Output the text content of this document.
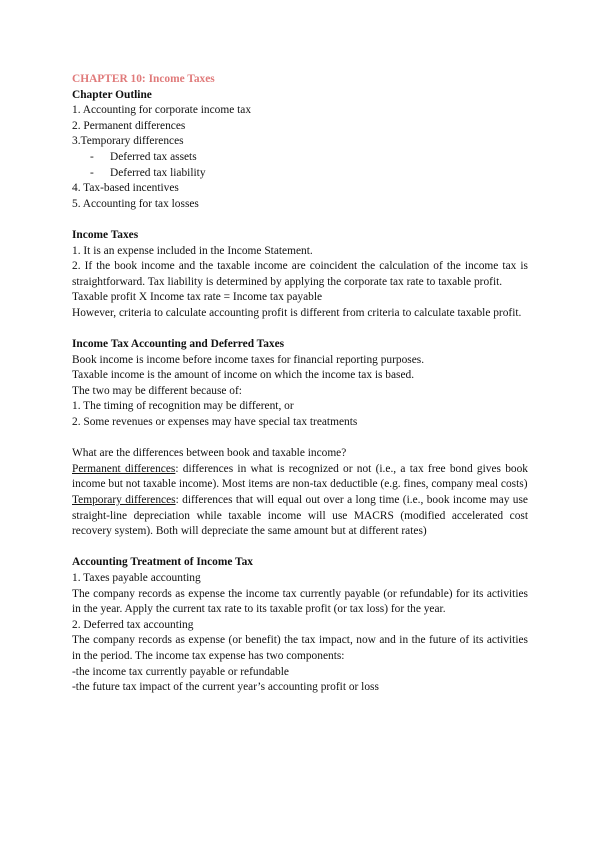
CHAPTER 10: Income Taxes
Chapter Outline
1. Accounting for corporate income tax
2. Permanent differences
3.Temporary differences
- Deferred tax assets
- Deferred tax liability
4. Tax-based incentives
5. Accounting for tax losses
Income Taxes
1. It is an expense included in the Income Statement.
2. If the book income and the taxable income are coincident the calculation of the income tax is straightforward. Tax liability is determined by applying the corporate tax rate to taxable profit.
Taxable profit X Income tax rate = Income tax payable
However, criteria to calculate accounting profit is different from criteria to calculate taxable profit.
Income Tax Accounting and Deferred Taxes
Book income is income before income taxes for financial reporting purposes.
Taxable income is the amount of income on which the income tax is based.
The two may be different because of:
1. The timing of recognition may be different, or
2. Some revenues or expenses may have special tax treatments
What are the differences between book and taxable income?
Permanent differences: differences in what is recognized or not (i.e., a tax free bond gives book income but not taxable income). Most items are non-tax deductible (e.g. fines, company meal costs)
Temporary differences: differences that will equal out over a long time (i.e., book income may use straight-line depreciation while taxable income will use MACRS (modified accelerated cost recovery system). Both will depreciate the same amount but at different rates)
Accounting Treatment of Income Tax
1. Taxes payable accounting
The company records as expense the income tax currently payable (or refundable) for its activities in the year. Apply the current tax rate to its taxable profit (or tax loss) for the year.
2. Deferred tax accounting
The company records as expense (or benefit) the tax impact, now and in the future of its activities in the period. The income tax expense has two components:
-the income tax currently payable or refundable
-the future tax impact of the current year’s accounting profit or loss
